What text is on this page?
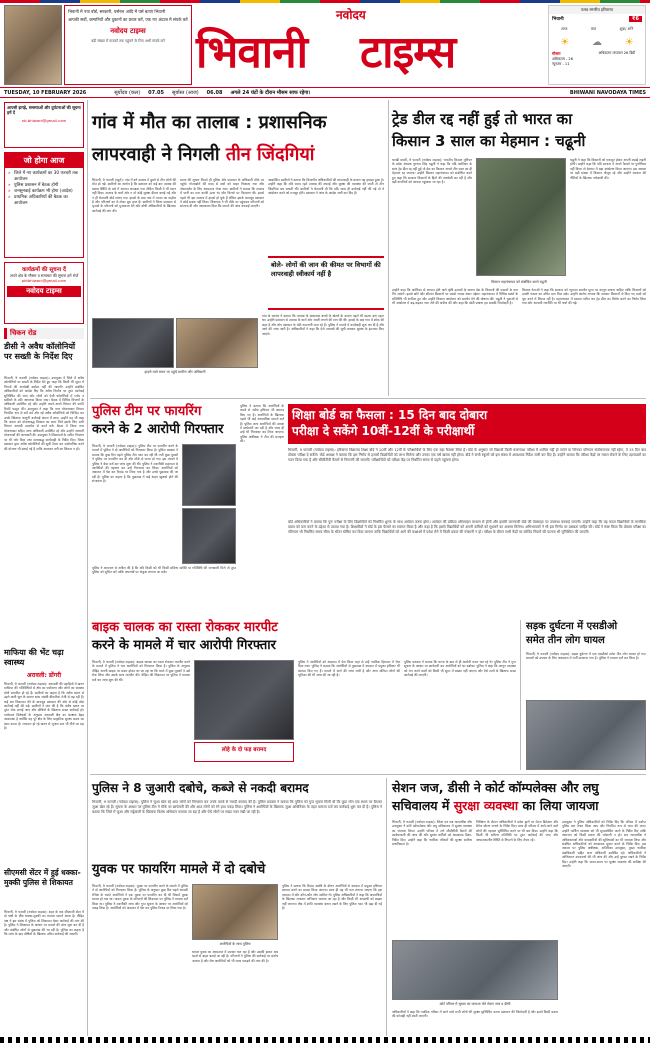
भिवानी में नया बोर्ड, सरकारी, पर्सनल आदि में पर्स बताएं भिवानी
आपकी सर्वों, कम्पनियों और दुकानों का प्रचार करें, एक नए अंदाज में संपर्क करें
नवोदय टाइम्स
बड़ी संख्या में पाठकों तक पहुंचने के लिए अभी संपर्क करें
नवोदय
भिवानी टाइम्स
पलव रमणीय हरियाणा
भिवानी	₹6
आज	कल	शुक्र/ शनि
☀ ☁ ☀
मौसम
अधिकतम - 26
न्यूनतम - 11
अधिकतम तापमान 26 डिग्री
TUESDAY, 10 FEBRUARY 2026	सूर्योदय (कल) 07.05 सूर्यास्त (आज) 06.08 अगले 24 घंटों के दौरान मौसम साफ रहेगा।	BHIWANI NAVODAYA TIMES
आपसी झगड़े, समस्याओं और दुर्घटनाओं की सूचना हमें दें
nb.bhiwani@gmail.com
जो होगा आज
» जिले में नए कार्यक्रमों का 30 फरवरी तक आयोजन
» पुलिस प्रशासन में बैठक होगी
» जनसुनवाई कार्यक्रम भी होगा (आदेश)
» प्राथमिक अधिकारियों की बैठक का आयोजन
कार्यक्रमों की सूचना दें
अपने क्षेत्र के मौसम व समाचार की सूचना हमें भेजें
pktbhiwani@gmail.com
नवोदय टाइम्स
चिकन रोड
डीसी ने अवैध कॉलोनियों पर सख्ती के निर्देश दिए
भिवानी, 9 फरवरी (नवोदय टाइम्स): उपायुक्त ने जिले में अवैध कॉलोनियों पर सख्ती के निर्देश देते हुए कहा कि किसी भी सूरत में नियमों की अनदेखी बर्दाश्त नहीं की जाएगी। उन्होंने संबंधित अधिकारियों को आदेश दिए कि अवैध निर्माण पर तुरंत कार्रवाई सुनिश्चित की जाए और लोगों को ऐसी कॉलोनियों में प्लॉट न खरीदने के प्रति जागरूक किया जाए। बैठक में विभिन्न विभागों के अधिकारी उपस्थित रहे और उन्होंने अपने-अपने विभाग की प्रगति रिपोर्ट प्रस्तुत की। उपायुक्त ने कहा कि नगर योजनाकार विभाग नियमित रूप से सर्वे करे और नई अवैध कॉलोनियों को चिन्हित कर उनके खिलाफ कानूनी कार्रवाई अमल में लाए। उन्होंने यह भी कहा कि जनता को योजनाबद्ध विकास का लाभ मिले इसके लिए सभी विभाग आपसी तालमेल से कार्य करें। बैठक में जिला नगर योजनाकार सहित अन्य अधिकारी उपस्थित रहे और उन्होंने आगामी योजनाओं की जानकारी दी। उपायुक्त ने शिकायतों के त्वरित निपटान पर भी जोर दिया तथा समयबद्ध कार्यवाही के निर्देश दिए। जिला प्रशासन द्वारा अवैध कॉलोनियों की सूची तैयार कर सार्वजनिक करने की योजना भी बनाई गई है ताकि आमजन ठगी का शिकार न हों।
माफिया की भेंट चढ़ा स्वास्थ्य
अरावली: डोंगरी
भिवानी, 9 फरवरी (नवोदय टाइम्स): अरावली की पहाड़ियों में खनन माफिया की गतिविधियों से क्षेत्र का पर्यावरण और लोगों का स्वास्थ्य दोनों प्रभावित हो रहे हैं। ग्रामीणों का कहना है कि अवैध खनन से उड़ने वाली धूल के कारण सांस संबंधी बीमारियां तेजी से बढ़ रही हैं। कई बार शिकायत देने के बावजूद प्रशासन की ओर से कोई ठोस कार्रवाई नहीं की गई। ग्रामीणों ने मांग की है कि अवैध खनन पर तुरंत रोक लगाई जाए और दोषियों के खिलाफ सख्त कार्रवाई हो। पर्यावरण विशेषज्ञों के अनुसार अरावली क्षेत्र का संरक्षण बेहद आवश्यक है क्योंकि यह पूरे क्षेत्र के लिए प्राकृतिक सुरक्षा कवच का काम करता है। लगातार हो रहे खनन से भूजल स्तर भी नीचे जा रहा है।
सीएमसी सेंटर में हुई धक्का-मुक्की पुलिस से शिकायत
भिवानी, 9 फरवरी (नवोदय टाइम्स): शहर के एक सीएमसी सेंटर में दो पक्षों के बीच धक्का-मुक्की का मामला सामने आया है। पीड़ित पक्ष ने इस संबंध में पुलिस को शिकायत देकर कार्रवाई की मांग की है। पुलिस ने शिकायत के आधार पर मामले की जांच शुरू कर दी है और संबंधित लोगों से पूछताछ की जा रही है। पुलिस का कहना है कि जांच के बाद दोषियों के खिलाफ उचित कार्रवाई की जाएगी।
गांव में मौत का तालाब : प्रशासनिक
लापरवाही ने निगली तीन जिंदगियां
भिवानी, 9 फरवरी (ब्यूरो): गांव में बने तालाब में डूबने से तीन लोगों की मौत हो गई। ग्रामीणों का आरोप है कि प्रशासन को कई बार तालाब की खराब स्थिति के बारे में अवगत करवाया गया लेकिन किसी ने भी ध्यान नहीं दिया। तालाब के चारों ओर न तो कोई सुरक्षा दीवार बनाई गई और न ही चेतावनी बोर्ड लगाए गए। हादसे के बाद गांव में मातम का माहौल है और परिजनों का रो-रोकर बुरा हाल है। ग्रामीणों ने जिला प्रशासन से मृतकों के परिजनों को मुआवजा देने और दोषी अधिकारियों के खिलाफ कार्रवाई की मांग की।
घटना की सूचना मिलते ही पुलिस और प्रशासन के अधिकारी मौके पर पहुंचे। गोताखोरों की मदद से शवों को बाहर निकाला गया और पोस्टमार्टम के लिए अस्पताल भेजा गया। ग्रामीणों ने बताया कि तालाब में पानी का स्तर काफी ऊंचा था और किनारे पर फिसलन थी। इससे पहले भी इस तालाब में हादसे हो चुके हैं लेकिन इसके बावजूद प्रशासन ने कोई सबक नहीं लिया। विधायक ने भी मौके पर पहुंचकर परिजनों को सांत्वना दी और आश्वासन दिया कि मामले की जांच करवाई जाएगी।
आक्रोशित ग्रामीणों ने बताया कि विभागीय अधिकारियों की लापरवाही के कारण यह हादसा हुआ है। उन्होंने कहा कि यदि समय रहते तालाब की सफाई और सुरक्षा की व्यवस्था की जाती तो तीन जिंदगियां बच सकती थीं। ग्रामीणों ने चेतावनी दी कि यदि जल्द ही कार्रवाई नहीं की गई तो वे आंदोलन करने को मजबूर होंगे। प्रशासन ने जांच के आदेश जारी कर दिए हैं।
बोले- लोगों की जान की कीमत पर विभागों की लापरवाही स्वीकार्य नहीं है
गांव के सरपंच ने बताया कि तालाब के आसपास बच्चों के खेलने के कारण पहले भी खतरा बना रहता था। उन्होंने प्रशासन से तालाब के चारों ओर जाली लगाने की मांग की थी। हादसे के बाद गांव में शोक की लहर है और लोग प्रशासन के प्रति नाराजगी जता रहे हैं। पुलिस ने मामले में कार्यवाही शुरू कर दी है और आगे की जांच जारी है। अधिकारियों ने कहा कि ऐसे तालाबों की सूची बनाकर सुरक्षा के इंतजाम किए जाएंगे।
हादसे वाले स्थान पर पहुंचे ग्रामीण और अधिकारी
ट्रेड डील रद्द नहीं हुई तो भारत का
किसान 3 साल का मेहमान : चढूनी
चरखी दादरी, 9 फरवरी (नवोदय टाइम्स): भारतीय किसान यूनियन के प्रदेश अध्यक्ष गुरनाम सिंह चढूनी ने कहा कि यदि अमेरिका के साथ ट्रेड डील रद्द नहीं हुई तो देश का किसान अगले तीन साल का ही मेहमान रह जाएगा। उन्होंने किसान महापंचायत को संबोधित करते हुए कहा कि सरकार किसानों के हितों की अनदेखी कर रही है और बड़ी कंपनियों को फायदा पहुंचाया जा रहा है।
चढूनी ने कहा कि किसानों को एकजुट होकर अपनी लड़ाई लड़नी होगी। उन्होंने कहा कि यदि सरकार ने अपने फैसले पर पुनर्विचार नहीं किया तो देशभर में बड़ा आंदोलन किया जाएगा। इस अवसर पर बड़ी संख्या में किसान मौजूद रहे और उन्होंने सरकार की नीतियों के खिलाफ नारेबाजी की।
किसान महापंचायत को संबोधित करते चढूनी
उन्होंने कहा कि अमेरिका से आयात होने वाले कृषि उत्पादों के कारण देश के किसानों की फसलों के दाम गिर जाएंगे। इससे छोटे और सीमांत किसानों पर सबसे ज्यादा असर पड़ेगा। महापंचायत में विभिन्न खापों के प्रतिनिधि भी शामिल हुए और उन्होंने किसान आंदोलन को समर्थन देने की घोषणा की। चढूनी ने युवाओं से भी आंदोलन में बढ़-चढ़कर भाग लेने की अपील की और कहा कि खेती बचाना हम सबकी जिम्मेदारी है।
किसान नेताओं ने कहा कि सरकार को न्यूनतम समर्थन मूल्य पर कानून बनाना चाहिए ताकि किसानों को उनकी फसल का उचित दाम मिल सके। उन्होंने आरोप लगाया कि सरकार किसानों से किए गए वादों को पूरा करने में विफल रही है। महापंचायत में प्रस्ताव पारित कर ट्रेड डील का विरोध करने का निर्णय लिया गया और आगामी रणनीति पर भी चर्चा की गई।
पुलिस टीम पर फायरिंग
करने के 2 आरोपी गिरफ्तार
भिवानी, 9 फरवरी (नवोदय टाइम्स): पुलिस टीम पर फायरिंग करने के मामले में पुलिस ने दो आरोपियों को गिरफ्तार किया है। पुलिस प्रवक्ता ने बताया कि कुछ दिन पहले पुलिस टीम गश्त कर रही थी तभी कुछ युवकों ने पुलिस पर फायरिंग कर दी और मौके से फरार हो गए। इस मामले में पुलिस ने केस दर्ज कर जांच शुरू की थी। पुलिस ने तकनीकी सहायता से आरोपियों की पहचान कर उन्हें गिरफ्तार कर लिया। आरोपियों को अदालत में पेश कर रिमांड पर लिया गया है और उनसे पूछताछ की जा रही है। पुलिस का कहना है कि पूछताछ में कई अहम खुलासे होने की संभावना है।
पुलिस ने बताया कि आरोपियों के कब्जे से अवैध हथियार भी बरामद किए गए हैं। आरोपियों के खिलाफ पहले भी कई आपराधिक मामले दर्ज हैं। पुलिस अन्य आरोपियों की तलाश में छापेमारी कर रही है और जल्द ही उन्हें भी गिरफ्तार कर लिया जाएगा। पुलिस अधीक्षक ने टीम की सराहना की।
पुलिस ने आमजन से अपील की है कि यदि किसी को भी किसी संदिग्ध व्यक्ति या गतिविधि की जानकारी मिले तो तुरंत पुलिस को सूचित करें ताकि अपराधों पर अंकुश लगाया जा सके।
शिक्षा बोर्ड का फैसला : 15 दिन बाद दोबारा
परीक्षा दे सकेंगे 10वीं-12वीं के परीक्षार्थी
भिवानी, 9 फरवरी (नवोदय टाइम्स): हरियाणा विद्यालय शिक्षा बोर्ड ने 10वीं और 12वीं के परीक्षार्थियों के लिए एक बड़ा फैसला लिया है। बोर्ड के अनुसार जो विद्यार्थी किसी कारणवश परीक्षा में शामिल नहीं हो पाएंगे या जिनका परिणाम संतोषजनक नहीं रहेगा, वे 15 दिन बाद दोबारा परीक्षा दे सकेंगे। बोर्ड अध्यक्ष ने बताया कि इस निर्णय से हजारों विद्यार्थियों को लाभ मिलेगा और उनका एक वर्ष खराब नहीं होगा। बोर्ड ने सभी स्कूलों को इस संबंध में आवश्यक निर्देश जारी कर दिए हैं। उन्होंने बताया कि परीक्षा केंद्रों पर नकल रोकने के लिए उड़नदस्तों का गठन किया गया है और सीसीटीवी कैमरों से निगरानी की जाएगी। परीक्षार्थियों को परीक्षा केंद्र पर निर्धारित समय से पहले पहुंचना होगा।
बोर्ड अधिकारियों ने बताया कि पुनः परीक्षा के लिए विद्यार्थियों को निर्धारित शुल्क के साथ आवेदन करना होगा। आवेदन की प्रक्रिया ऑनलाइन माध्यम से होगी और इसकी जानकारी बोर्ड की वेबसाइट पर उपलब्ध करवाई जाएगी। उन्होंने कहा कि यह कदम विद्यार्थियों के मानसिक दबाव को कम करने के उद्देश्य से उठाया गया है। शिक्षाविदों ने बोर्ड के इस फैसले का स्वागत किया है और कहा है कि इससे विद्यार्थियों को अपनी कमियों को सुधारने का अवसर मिलेगा। अभिभावकों ने भी इस निर्णय पर प्रसन्नता जाहिर की। बोर्ड ने स्पष्ट किया कि दोबारा परीक्षा का परिणाम भी निर्धारित समय सीमा के भीतर घोषित कर दिया जाएगा ताकि विद्यार्थियों को आगे की कक्षाओं में प्रवेश लेने में किसी प्रकार की परेशानी न हो। परीक्षा के दौरान सभी केंद्रों पर कोविड नियमों की पालना भी सुनिश्चित की जाएगी।
सड़क दुर्घटना में एसडीओ
समेत तीन लोग घायल
भिवानी, 9 फरवरी (नवोदय टाइम्स): सड़क दुर्घटना में एक एसडीओ समेत तीन लोग घायल हो गए। घायलों को उपचार के लिए अस्पताल में भर्ती करवाया गया है। पुलिस ने मामला दर्ज कर लिया है।
बाइक चालक का रास्ता रोककर मारपीट
करने के मामले में चार आरोपी गिरफ्तार
भिवानी, 9 फरवरी (नवोदय टाइम्स): बाइक चालक का रास्ता रोककर मारपीट करने के मामले में पुलिस ने चार आरोपियों को गिरफ्तार किया है। पुलिस के अनुसार पीड़ित अपनी बाइक पर सवार होकर घर जा रहा था कि रास्ते में कुछ युवकों ने उसे रोक लिया और उसके साथ मारपीट की। पीड़ित की शिकायत पर पुलिस ने मामला दर्ज कर जांच शुरू की थी।
पुलिस ने आरोपियों को अदालत में पेश किया जहां से उन्हें न्यायिक हिरासत में भेज दिया गया। पुलिस ने बताया कि आरोपियों से पूछताछ में वारदात में प्रयुक्त हथियार भी बरामद किए गए हैं। मामले में आगे की जांच जारी है और अन्य संलिप्त लोगों की भूमिका की भी जांच की जा रही है।
लोहे के दो फड़ बरामद
पुलिस प्रवक्ता ने बताया कि घटना के बाद से ही आरोपी फरार चल रहे थे। पुलिस टीम ने गुप्त सूचना के आधार पर छापेमारी कर आरोपियों को धर दबोचा। पुलिस ने कहा कि कानून व्यवस्था को भंग करने वालों को किसी भी सूरत में बख्शा नहीं जाएगा और ऐसे तत्वों के खिलाफ सख्त कार्रवाई की जाएगी।
पुलिस ने 8 जुआरी दबोचे, कब्जे से नकदी बरामद
भिवानी, 9 फरवरी (नवोदय टाइम्स): पुलिस ने जुआ खेल रहे आठ लोगों को गिरफ्तार कर उनके कब्जे से नकदी बरामद की है। पुलिस प्रवक्ता ने बताया कि पुलिस को गुप्त सूचना मिली थी कि कुछ लोग एक स्थान पर बैठकर जुआ खेल रहे हैं। सूचना के आधार पर पुलिस टीम ने मौके पर छापेमारी की और आठ लोगों को रंगे हाथ पकड़ लिया। पुलिस ने आरोपियों के खिलाफ जुआ अधिनियम के तहत मामला दर्ज कर कार्रवाई शुरू कर दी है। पुलिस ने बताया कि जिले में जुआ और सट्टेबाजी के खिलाफ विशेष अभियान चलाया जा रहा है और ऐसे लोगों पर सख्त नजर रखी जा रही है।
युवक पर फायरिंग मामले में दो दबोचे
भिवानी, 9 फरवरी (नवोदय टाइम्स): युवक पर फायरिंग करने के मामले में पुलिस ने दो आरोपियों को गिरफ्तार किया है। पुलिस के अनुसार कुछ दिन पहले आपसी रंजिश के चलते आरोपियों ने एक युवक पर फायरिंग कर दी थी जिसमें युवक घायल हो गया था। घायल युवक के परिजनों की शिकायत पर पुलिस ने मामला दर्ज किया था। पुलिस ने तकनीकी जांच और गुप्त सूचना के आधार पर आरोपियों को पकड़ लिया है। आरोपियों को अदालत में पेश कर पुलिस रिमांड पर लिया गया है।
आरोपियों के साथ पुलिस
पुलिस ने बताया कि रिमांड अवधि के दौरान आरोपियों से वारदात में प्रयुक्त हथियार बरामद करने का प्रयास किया जाएगा। साथ ही यह भी पता लगाया जाएगा कि इस वारदात में और कौन-कौन लोग शामिल थे। पुलिस अधिकारियों ने कहा कि अपराधियों के खिलाफ लगातार अभियान चलाया जा रहा है और किसी भी अपराधी को बख्शा नहीं जाएगा। क्षेत्र में शांति व्यवस्था बनाए रखने के लिए पुलिस गश्त भी बढ़ा दी गई है।
घायल युवक का अस्पताल में उपचार चल रहा है और उसकी हालत अब खतरे से बाहर बताई जा रही है। परिजनों ने पुलिस की कार्रवाई पर संतोष जताया है और शेष आरोपियों को भी जल्द पकड़ने की मांग की है।
सेशन जज, डीसी ने कोर्ट कॉम्पलेक्स और लघु
सचिवालय में सुरक्षा व्यवस्था का लिया जायजा
भिवानी, 9 फरवरी (नवोदय टाइम्स): जिला एवं सत्र न्यायाधीश और उपायुक्त ने कोर्ट कॉम्पलेक्स और लघु सचिवालय में सुरक्षा व्यवस्था का जायजा लिया। उन्होंने परिसर में लगे सीसीटीवी कैमरों की कार्यप्रणाली की जांच की और सुरक्षा कर्मियों को आवश्यक दिशा-निर्देश दिए। उन्होंने कहा कि न्यायिक परिसरों की सुरक्षा सर्वोच्च प्राथमिकता है।
निरीक्षण के दौरान अधिकारियों ने प्रवेश द्वारों पर मेटल डिटेक्टर और बैगेज स्कैनर लगाने के निर्देश दिए। साथ ही परिसर में आने-जाने वाले लोगों की पहचान सुनिश्चित करने पर भी बल दिया। उन्होंने कहा कि किसी भी संदिग्ध गतिविधि पर तुरंत कार्रवाई की जाए और आपातकालीन स्थिति से निपटने के लिए तैयार रहें।
उपायुक्त ने पुलिस अधिकारियों को निर्देश दिए कि परिसर में पर्याप्त पुलिस बल तैनात किया जाए और नियमित रूप से गश्त की जाए। उन्होंने पार्किंग व्यवस्था को भी सुव्यवस्थित करने के निर्देश दिए ताकि आमजन को किसी प्रकार की परेशानी न हो। सत्र न्यायाधीश ने अधिवक्ताओं और वादकारियों की सुविधाओं का भी जायजा लिया और संबंधित अधिकारियों को आवश्यक सुधार करने के निर्देश दिए। इस अवसर पर पुलिस अधीक्षक, अतिरिक्त उपायुक्त, मुख्य न्यायिक दंडाधिकारी सहित अन्य अधिकारी उपस्थित रहे। अधिकारियों ने अग्निशमन उपकरणों की भी जांच की और उन्हें दुरुस्त रखने के निर्देश दिए। उन्होंने कहा कि समय-समय पर सुरक्षा व्यवस्था की समीक्षा की जाएगी।
कोर्ट परिसर में सुरक्षा का जायजा लेते सेशन जज व डीसी
अधिकारियों ने कहा कि न्यायिक परिसर में आने वाले सभी लोगों की सुरक्षा सुनिश्चित करना प्रशासन की जिम्मेदारी है और इसमें किसी प्रकार की कोताही नहीं बरती जाएगी।
